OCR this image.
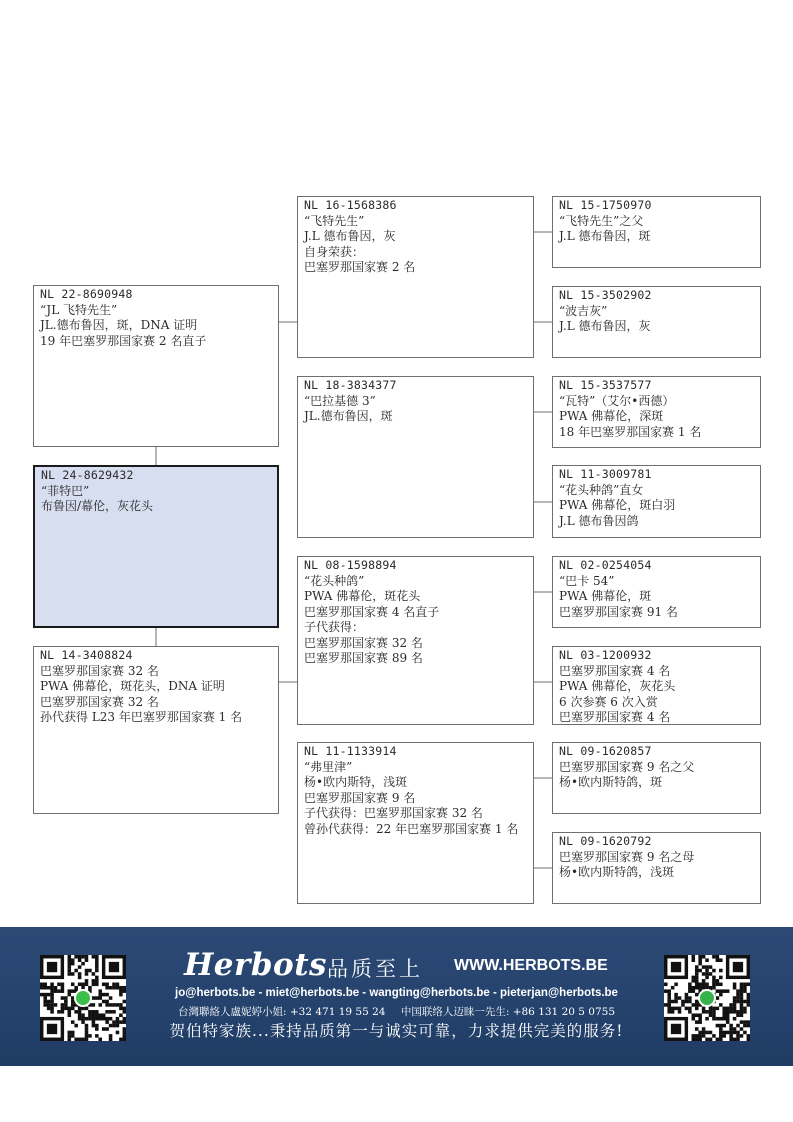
NL 24-8629432
“菲特巴”
布鲁因/幕伦，灰花头
NL 22-8690948
“JL 飞特先生”
JL.德布鲁因，斑，DNA 证明
19 年巴塞罗那国家赛 2 名直子
NL 14-3408824
巴塞罗那国家赛 32 名
PWA 佛幕伦，斑花头，DNA 证明
巴塞罗那国家赛 32 名
孙代获得 L23 年巴塞罗那国家赛 1 名
NL 16-1568386
“飞特先生”
J.L 德布鲁因，灰
自身荣获：
巴塞罗那国家赛 2 名
NL 18-3834377
“巴拉基德 3”
JL.德布鲁因，斑
NL 08-1598894
“花头种鸽”
PWA 佛幕伦，斑花头
巴塞罗那国家赛 4 名直子
子代获得：
巴塞罗那国家赛 32 名
巴塞罗那国家赛 89 名
NL 11-1133914
“弗里津”
杨•欧内斯特，浅斑
巴塞罗那国家赛 9 名
子代获得：巴塞罗那国家赛 32 名
曾孙代获得：22 年巴塞罗那国家赛 1 名
NL 15-1750970
“飞特先生”之父
J.L 德布鲁因，斑
NL 15-3502902
“波吉灰”
J.L 德布鲁因，灰
NL 15-3537577
“瓦特”（艾尔•西德）
PWA 佛幕伦，深斑
18 年巴塞罗那国家赛 1 名
NL 11-3009781
“花头种鸽”直女
PWA 佛幕伦，斑白羽
J.L 德布鲁因鸽
NL 02-0254054
“巴卡 54”
PWA 佛幕伦，斑
巴塞罗那国家赛 91 名
NL 03-1200932
巴塞罗那国家赛 4 名
PWA 佛幕伦，灰花头
6 次参赛 6 次入赏
巴塞罗那国家赛 4 名
NL 09-1620857
巴塞罗那国家赛 9 名之父
杨•欧内斯特鸽，斑
NL 09-1620792
巴塞罗那国家赛 9 名之母
杨•欧内斯特鸽，浅斑
Herbots 品质至上 WWW.HERBOTS.BE
jo@herbots.be - miet@herbots.be - wangting@herbots.be - pieterjan@herbots.be
台灣聯絡人盧妮婷小姐: +32 471 19 55 24 中国联络人迈睐一先生: +86 131 20 5 0755
贺伯特家族...秉持品质第一与诚实可靠，力求提供完美的服务!
